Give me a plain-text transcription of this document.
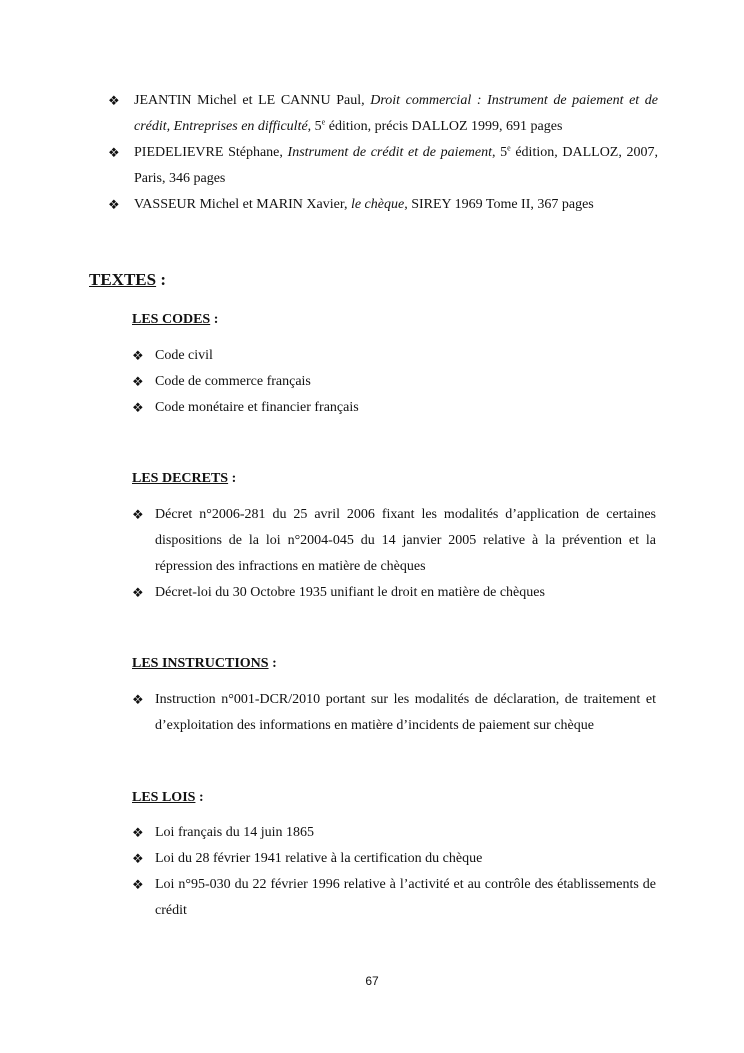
❖ JEANTIN Michel et LE CANNU Paul, Droit commercial : Instrument de paiement et de crédit, Entreprises en difficulté, 5e édition, précis DALLOZ 1999, 691 pages
❖ PIEDELIEVRE Stéphane, Instrument de crédit et de paiement, 5e édition, DALLOZ, 2007, Paris, 346 pages
❖ VASSEUR Michel et MARIN Xavier, le chèque, SIREY 1969 Tome II, 367 pages
TEXTES :
LES CODES :
❖ Code civil
❖ Code de commerce français
❖ Code monétaire et financier français
LES DECRETS :
❖ Décret n°2006-281 du 25 avril 2006 fixant les modalités d’application de certaines dispositions de la loi n°2004-045 du 14 janvier 2005 relative à la prévention et la répression des infractions en matière de chèques
❖ Décret-loi du 30 Octobre 1935 unifiant le droit en matière de chèques
LES INSTRUCTIONS :
❖ Instruction n°001-DCR/2010 portant sur les modalités de déclaration, de traitement et d’exploitation des informations en matière d’incidents de paiement sur chèque
LES LOIS :
❖ Loi français du 14 juin 1865
❖ Loi du 28 février 1941 relative à la certification du chèque
❖ Loi n°95-030 du 22 février 1996 relative à l’activité et au contrôle des établissements de crédit
67
